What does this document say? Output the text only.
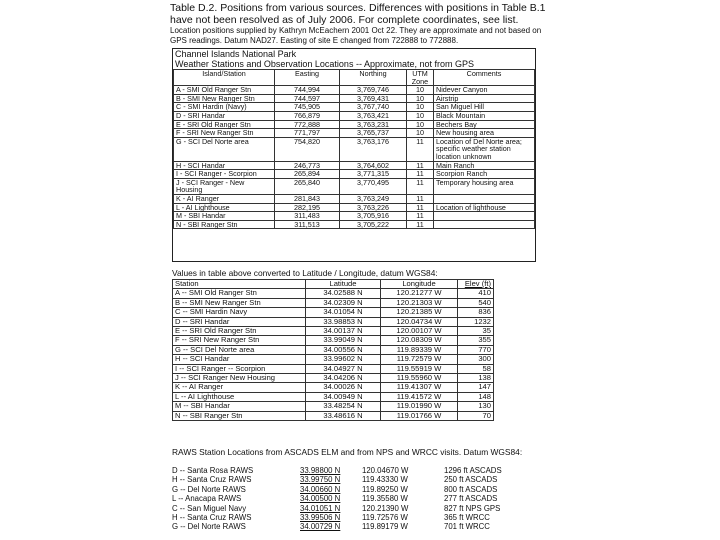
Table D.2. Positions from various sources. Differences with positions in Table B.1 have not been resolved as of July 2006. For complete coordinates, see list.
Location positions supplied by Kathryn McEachern 2001 Oct 22. They are approximate and not based on GPS readings. Datum NAD27. Easting of site E changed from 722888 to 772888.
Channel Islands National Park
Weather Stations and Observation Locations -- Approximate, not from GPS
Island/Station	Easting	Northing	UTM Zone	Comments
A - SMI Old Ranger Stn	744,994	3,769,746	10	Nidever Canyon
B - SMI New Ranger Stn	744,597	3,769,431	10	Airstrip
C - SMI Hardin (Navy)	745,905	3,767,740	10	San Miguel Hill
D - SRI Handar	766,879	3,763,421	10	Black Mountain
E - SRI Old Ranger Stn	772,888	3,763,231	10	Bechers Bay
F - SRI New Ranger Stn	771,797	3,765,737	10	New housing area
G - SCI Del Norte area	754,820	3,763,176	11	Location of Del Norte area; specific weather station location unknown
H - SCI Handar	246,773	3,764,602	11	Main Ranch
I - SCI Ranger - Scorpion	265,894	3,771,315	11	Scorpion Ranch
J - SCI Ranger - New Housing	265,840	3,770,495	11	Temporary housing area
K - AI Ranger	281,843	3,763,249	11	
L - AI Lighthouse	282,195	3,763,226	11	Location of lighthouse
M - SBI Handar	311,483	3,705,916	11	
N - SBI Ranger Stn	311,513	3,705,222	11	
Values in table above converted to Latitude / Longitude, datum WGS84:
Station	Latitude	Longitude	Elev (ft)
A -- SMI Old Ranger Stn	34.02588 N	120.21277 W	410
B -- SMI New Ranger Stn	34.02309 N	120.21303 W	540
C -- SMI Hardin Navy	34.01054 N	120.21385 W	836
D -- SRI Handar	33.98853 N	120.04734 W	1232
E -- SRI Old Ranger Stn	34.00137 N	120.00107 W	35
F -- SRI New Ranger Stn	33.99049 N	120.08309 W	355
G -- SCI Del Norte area	34.00556 N	119.89339 W	770
H -- SCI Handar	33.99602 N	119.72579 W	300
I -- SCI Ranger -- Scorpion	34.04927 N	119.55919 W	58
J -- SCI Ranger New Housing	34.04206 N	119.55960 W	138
K -- AI Ranger	34.00026 N	119.41307 W	147
L -- AI Lighthouse	34.00949 N	119.41572 W	148
M -- SBI Handar	33.48254 N	119.01990 W	130
N -- SBI Ranger Stn	33.48616 N	119.01766 W	70
RAWS Station Locations from ASCADS ELM and from NPS and WRCC visits. Datum WGS84:
D -- Santa Rosa RAWS	33.98800 N	120.04670 W	1296 ft ASCADS
H -- Santa Cruz RAWS	33.99750 N	119.43330 W	250 ft ASCADS
G -- Del Norte RAWS	34.00660 N	119.89250 W	800 ft ASCADS
L -- Anacapa RAWS	34.00500 N	119.35580 W	277 ft ASCADS
C -- San Miguel Navy	34.01051 N	120.21390 W	827 ft NPS GPS
H -- Santa Cruz RAWS	33.99506 N	119.72576 W	365 ft WRCC
G -- Del Norte RAWS	34.00729 N	119.89179 W	701 ft WRCC
